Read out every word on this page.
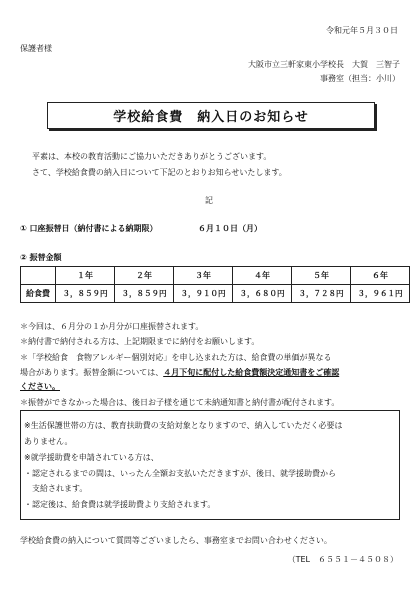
令和元年５月３０日
保護者様
大阪市立三軒家東小学校長　大賀　三智子
事務室（担当：小川）
学校給食費　納入日のお知らせ
平素は、本校の教育活動にご協力いただきありがとうございます。
さて、学校給食費の納入日について下記のとおりお知らせいたします。
記
① 口座振替日（納付書による納期限）	６月１０日（月）
② 振替金額
	１年	２年	３年	４年	５年	６年
給食費	３，８５９円	３，８５９円	３，９１０円	３，６８０円	３，７２８円	３，９６１円
＊今回は、６月分の１か月分が口座振替されます。
＊納付書で納付される方は、上記期限までに納付をお願いします。
＊「学校給食　食物アレルギー個別対応」を申し込まれた方は、給食費の単価が異なる
場合があります。振替金額については、４月下旬に配付した給食費額決定通知書をご確認
ください。
＊振替ができなかった場合は、後日お子様を通じて未納通知書と納付書が配付されます。
※生活保護世帯の方は、教育扶助費の支給対象となりますので、納入していただく必要は
ありません。
※就学援助費を申請されている方は、
・認定されるまでの間は、いったん全額お支払いただきますが、後日、就学援助費から
　支給されます。
・認定後は、給食費は就学援助費より支給されます。
学校給食費の納入について質問等ございましたら、事務室までお問い合わせください。
（TEL　６５５１－４５０８）
